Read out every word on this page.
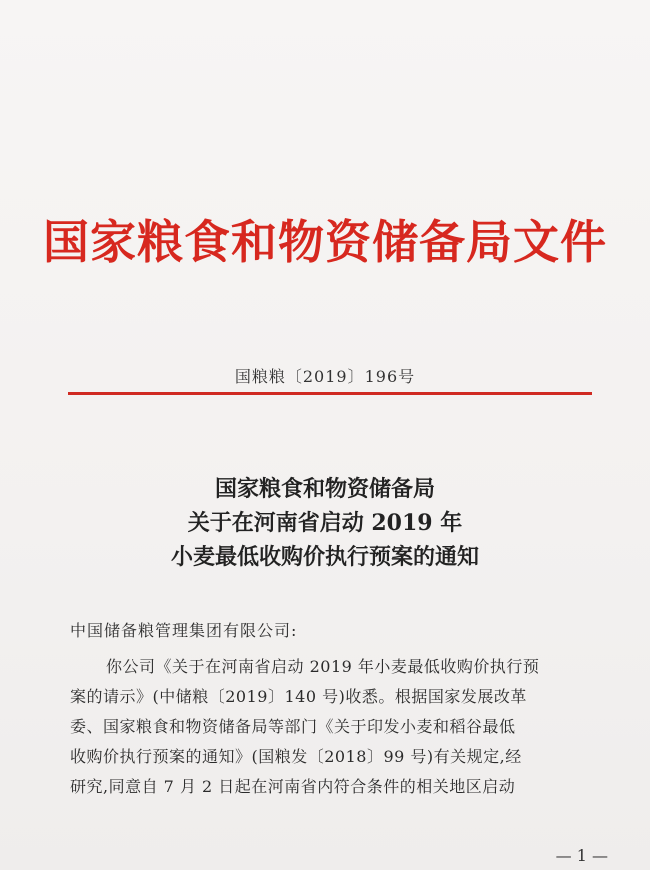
国家粮食和物资储备局文件
国粮粮〔2019〕196号
国家粮食和物资储备局
关于在河南省启动 2019 年
小麦最低收购价执行预案的通知
中国储备粮管理集团有限公司:
你公司《关于在河南省启动 2019 年小麦最低收购价执行预
案的请示》(中储粮〔2019〕140 号)收悉。根据国家发展改革
委、国家粮食和物资储备局等部门《关于印发小麦和稻谷最低
收购价执行预案的通知》(国粮发〔2018〕99 号)有关规定,经
研究,同意自 7 月 2 日起在河南省内符合条件的相关地区启动
— 1 —
